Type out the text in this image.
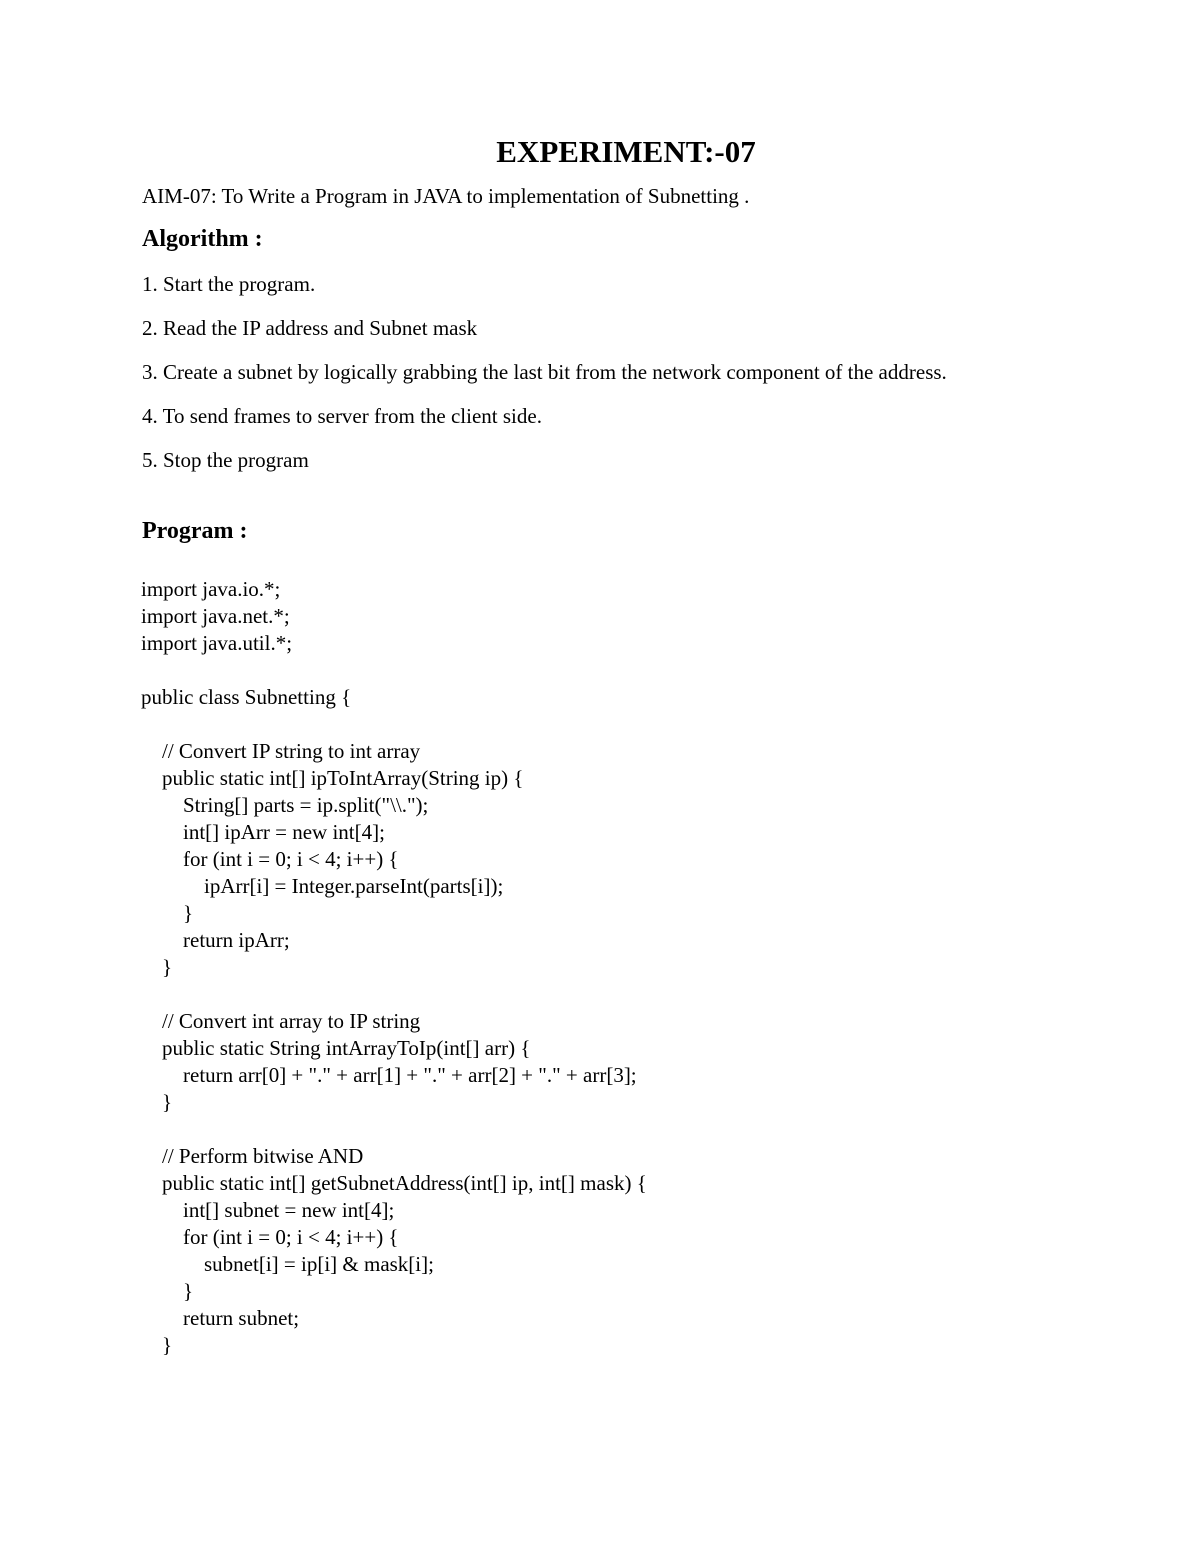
EXPERIMENT:-07
AIM-07: To Write a Program in JAVA to implementation of Subnetting .
Algorithm :
1. Start the program.
2. Read the IP address and Subnet mask
3. Create a subnet by logically grabbing the last bit from the network component of the address.
4. To send frames to server from the client side.
5. Stop the program
Program :
import java.io.*;
import java.net.*;
import java.util.*;
public class Subnetting {
// Convert IP string to int array
public static int[] ipToIntArray(String ip) {
String[] parts = ip.split("\\.");
int[] ipArr = new int[4];
for (int i = 0; i < 4; i++) {
ipArr[i] = Integer.parseInt(parts[i]);
}
return ipArr;
}
// Convert int array to IP string
public static String intArrayToIp(int[] arr) {
return arr[0] + "." + arr[1] + "." + arr[2] + "." + arr[3];
}
// Perform bitwise AND
public static int[] getSubnetAddress(int[] ip, int[] mask) {
int[] subnet = new int[4];
for (int i = 0; i < 4; i++) {
subnet[i] = ip[i] & mask[i];
}
return subnet;
}
